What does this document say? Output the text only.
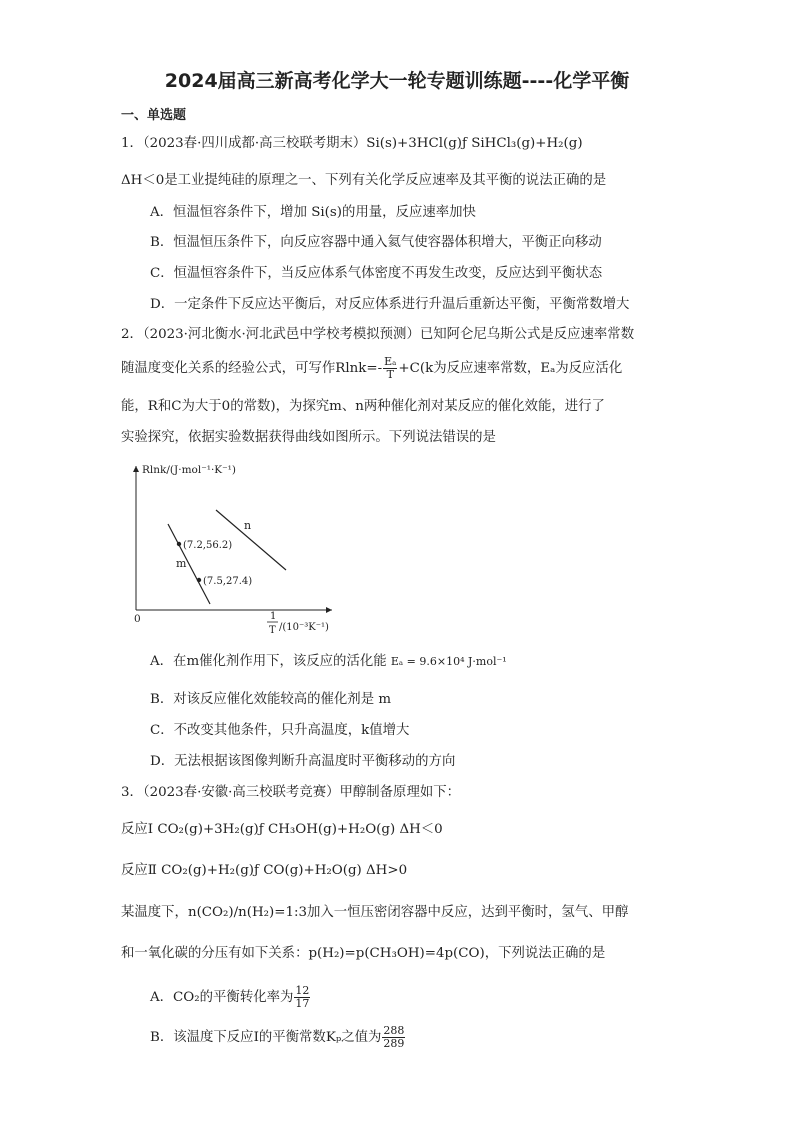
2024届高三新高考化学大一轮专题训练题----化学平衡
一、单选题
1．（2023春·四川成都·高三校联考期末）Si(s)+3HCl(g)ƒ SiHCl₃(g)+H₂(g)
ΔH＜0是工业提纯硅的原理之一、下列有关化学反应速率及其平衡的说法正确的是
A．恒温恒容条件下，增加 Si(s)的用量，反应速率加快
B．恒温恒压条件下，向反应容器中通入氦气使容器体积增大，平衡正向移动
C．恒温恒容条件下，当反应体系气体密度不再发生改变，反应达到平衡状态
D．一定条件下反应达平衡后，对反应体系进行升温后重新达平衡，平衡常数增大
2．（2023·河北衡水·河北武邑中学校考模拟预测）已知阿仑尼乌斯公式是反应速率常数
随温度变化关系的经验公式，可写作$Rlnk=- \frac{\text{Eₐ}}{T} +C(k$为反应速率常数，Eₐ为反应活化
能，R和C为大于0的常数)，为探究m、n两种催化剂对某反应的催化效能，进行了
实验探究，依据实验数据获得曲线如图所示。下列说法错误的是
Rlnk/(J·mol⁻¹·K⁻¹)
0
(7.2,56.2)
(7.5,27.4)
m
n
1
T /(10⁻³K⁻¹)
A．在m催化剂作用下，该反应的活化能 Eₐ = 9.6×10⁴ J·mol⁻¹
B．对该反应催化效能较高的催化剂是 m
C．不改变其他条件，只升高温度，k值增大
D．无法根据该图像判断升高温度时平衡移动的方向
3．（2023春·安徽·高三校联考竞赛）甲醇制备原理如下：
反应Ⅰ CO₂(g)+3H₂(g)ƒ CH₃OH(g)+H₂O(g) ΔH＜0
反应Ⅱ CO₂(g)+H₂(g)ƒ CO(g)+H₂O(g) ΔH>0
某温度下，n(CO₂)/n(H₂)=1:3加入一恒压密闭容器中反应，达到平衡时，氢气、甲醇
和一氧化碳的分压有如下关系：p(H₂)=p(CH₃OH)=4p(CO)，下列说法正确的是
A．CO₂的平衡转化率为 $\frac{12}{17}$
B．该温度下反应Ⅰ的平衡常数Kₚ之值为 $\frac{288}{289}$
